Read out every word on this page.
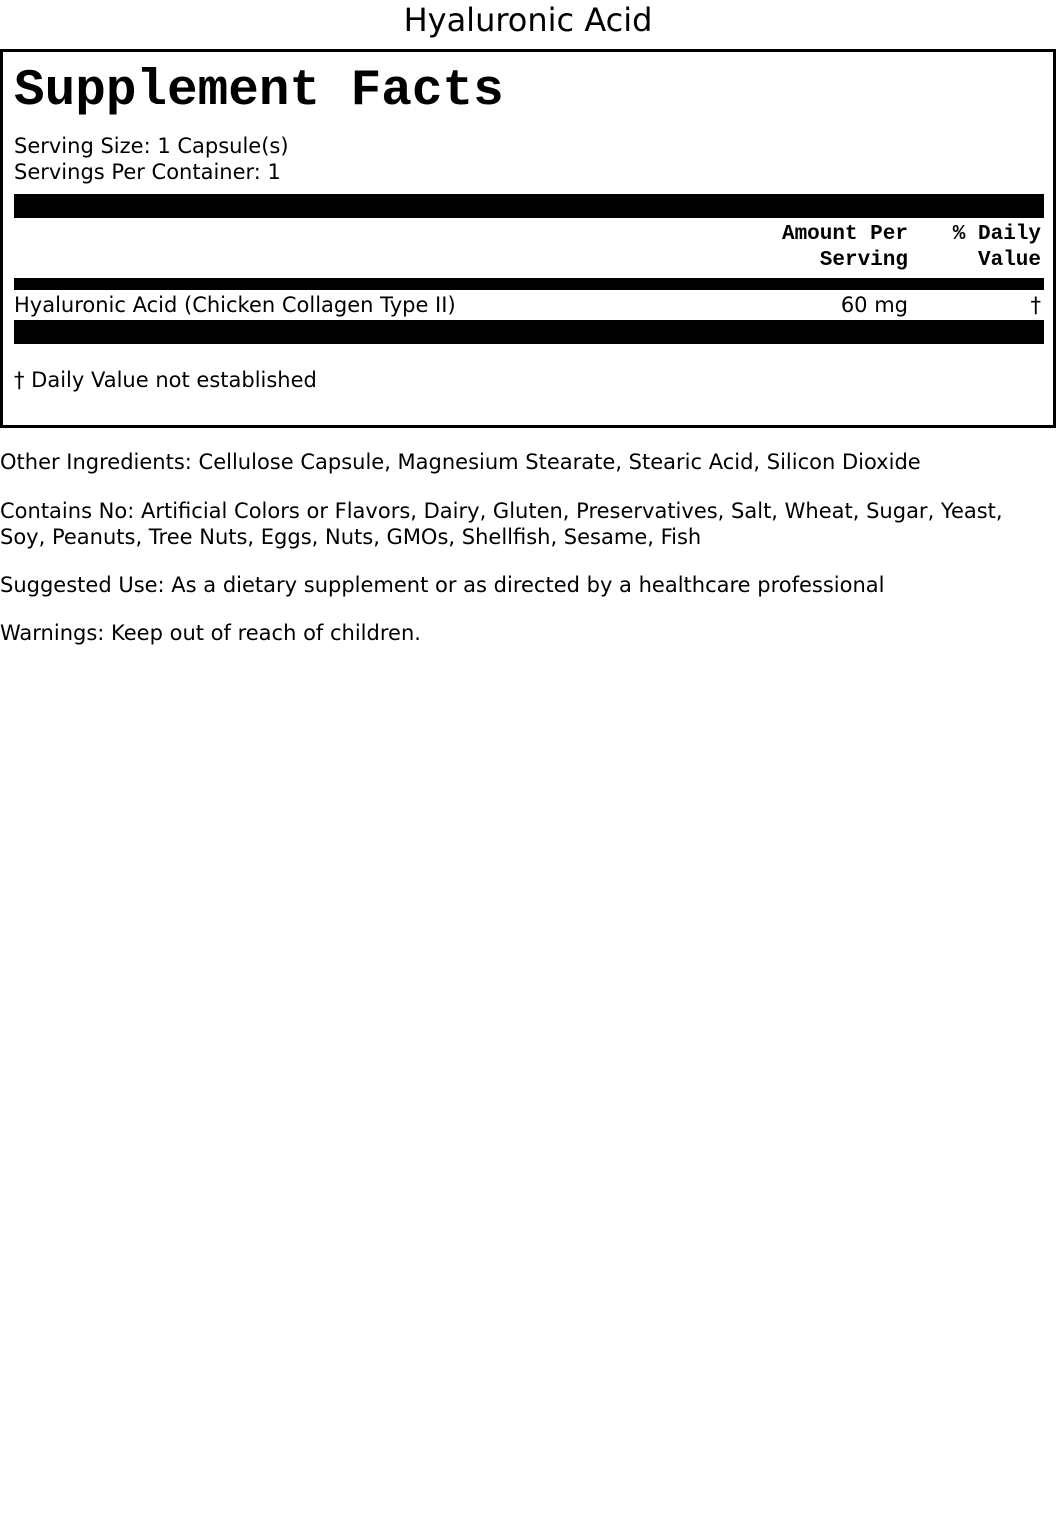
Hyaluronic Acid
Supplement Facts
Serving Size: 1 Capsule(s)
Servings Per Container: 1
Amount Per
Serving
% Daily
Value
Hyaluronic Acid (Chicken Collagen Type II)	60 mg	†
† Daily Value not established
Other Ingredients: Cellulose Capsule, Magnesium Stearate, Stearic Acid, Silicon Dioxide
Contains No: Artificial Colors or Flavors, Dairy, Gluten, Preservatives, Salt, Wheat, Sugar, Yeast, Soy, Peanuts, Tree Nuts, Eggs, Nuts, GMOs, Shellfish, Sesame, Fish
Suggested Use: As a dietary supplement or as directed by a healthcare professional
Warnings: Keep out of reach of children.
